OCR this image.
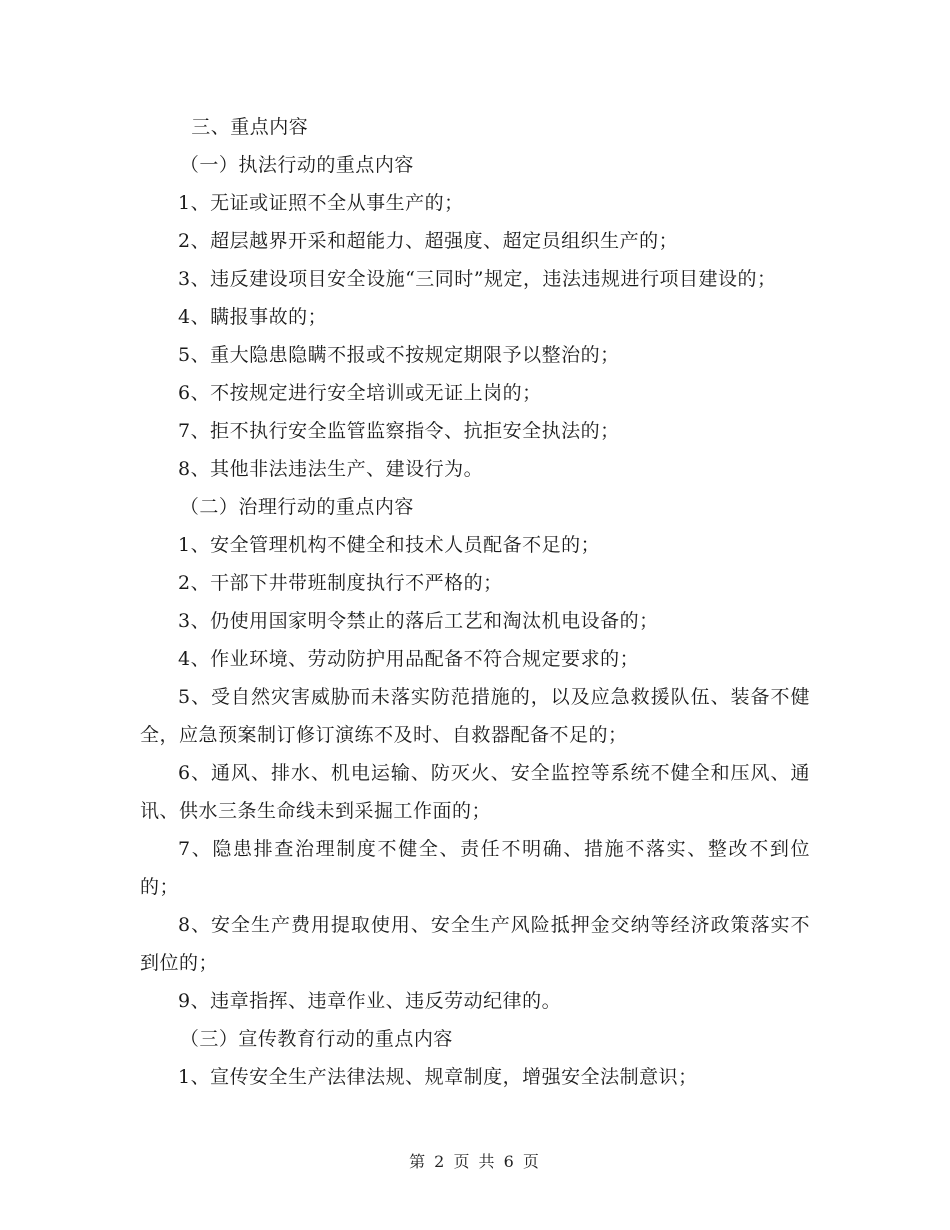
三、重点内容

（一）执法行动的重点内容

1、无证或证照不全从事生产的；

2、超层越界开采和超能力、超强度、超定员组织生产的；

3、违反建设项目安全设施“三同时”规定，违法违规进行项目建设的；

4、瞒报事故的；

5、重大隐患隐瞒不报或不按规定期限予以整治的；

6、不按规定进行安全培训或无证上岗的；

7、拒不执行安全监管监察指令、抗拒安全执法的；

8、其他非法违法生产、建设行为。

（二）治理行动的重点内容

1、安全管理机构不健全和技术人员配备不足的；

2、干部下井带班制度执行不严格的；

3、仍使用国家明令禁止的落后工艺和淘汰机电设备的；

4、作业环境、劳动防护用品配备不符合规定要求的；

5、受自然灾害威胁而未落实防范措施的，以及应急救援队伍、装备不健全，应急预案制订修订演练不及时、自救器配备不足的；

6、通风、排水、机电运输、防灭火、安全监控等系统不健全和压风、通讯、供水三条生命线未到采掘工作面的；

7、隐患排查治理制度不健全、责任不明确、措施不落实、整改不到位的；

8、安全生产费用提取使用、安全生产风险抵押金交纳等经济政策落实不到位的；

9、违章指挥、违章作业、违反劳动纪律的。

（三）宣传教育行动的重点内容

1、宣传安全生产法律法规、规章制度，增强安全法制意识；

第 2 页 共 6 页
